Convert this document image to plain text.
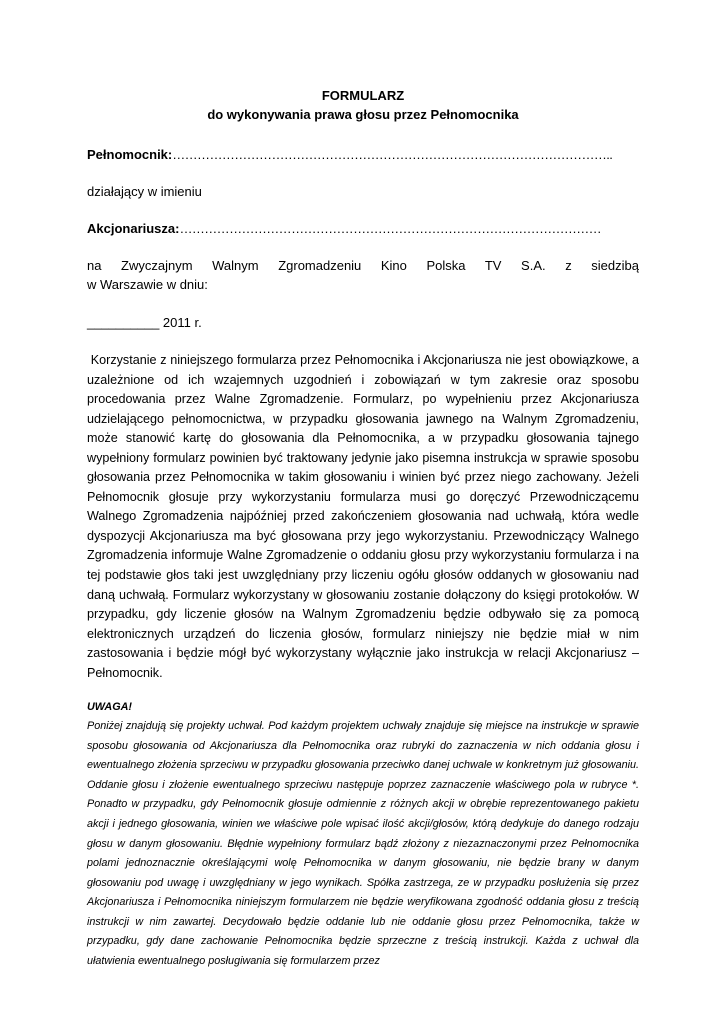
FORMULARZ
do wykonywania prawa głosu przez Pełnomocnika
Pełnomocnik:……………………………………………………………………………………………..
działający w imieniu
Akcjonariusza:…………………………………………………………………………………………
na Zwyczajnym Walnym Zgromadzeniu Kino Polska TV S.A. z siedzibą
w Warszawie w dniu:
__________ 2011 r.
Korzystanie z niniejszego formularza przez Pełnomocnika i Akcjonariusza nie jest obowiązkowe, a uzależnione od ich wzajemnych uzgodnień i zobowiązań w tym zakresie oraz sposobu procedowania przez Walne Zgromadzenie. Formularz, po wypełnieniu przez Akcjonariusza udzielającego pełnomocnictwa, w przypadku głosowania jawnego na Walnym Zgromadzeniu, może stanowić kartę do głosowania dla Pełnomocnika, a w przypadku głosowania tajnego wypełniony formularz powinien być traktowany jedynie jako pisemna instrukcja w sprawie sposobu głosowania przez Pełnomocnika w takim głosowaniu i winien być przez niego zachowany. Jeżeli Pełnomocnik głosuje przy wykorzystaniu formularza musi go doręczyć Przewodniczącemu Walnego Zgromadzenia najpóźniej przed zakończeniem głosowania nad uchwałą, która wedle dyspozycji Akcjonariusza ma być głosowana przy jego wykorzystaniu. Przewodniczący Walnego Zgromadzenia informuje Walne Zgromadzenie o oddaniu głosu przy wykorzystaniu formularza i na tej podstawie głos taki jest uwzględniany przy liczeniu ogółu głosów oddanych w głosowaniu nad daną uchwałą. Formularz wykorzystany w głosowaniu zostanie dołączony do księgi protokołów. W przypadku, gdy liczenie głosów na Walnym Zgromadzeniu będzie odbywało się za pomocą elektronicznych urządzeń do liczenia głosów, formularz niniejszy nie będzie miał w nim zastosowania i będzie mógł być wykorzystany wyłącznie jako instrukcja w relacji Akcjonariusz – Pełnomocnik.
UWAGA!
Poniżej znajdują się projekty uchwał. Pod każdym projektem uchwały znajduje się miejsce na instrukcje w sprawie sposobu głosowania od Akcjonariusza dla Pełnomocnika oraz rubryki do zaznaczenia w nich oddania głosu i ewentualnego złożenia sprzeciwu w przypadku głosowania przeciwko danej uchwale w konkretnym już głosowaniu. Oddanie głosu i złożenie ewentualnego sprzeciwu następuje poprzez zaznaczenie właściwego pola w rubryce *. Ponadto w przypadku, gdy Pełnomocnik głosuje odmiennie z różnych akcji w obrębie reprezentowanego pakietu akcji i jednego głosowania, winien we właściwe pole wpisać ilość akcji/głosów, którą dedykuje do danego rodzaju głosu w danym głosowaniu. Błędnie wypełniony formularz bądź złożony z niezaznaczonymi przez Pełnomocnika polami jednoznacznie określającymi wolę Pełnomocnika w danym głosowaniu, nie będzie brany w danym głosowaniu pod uwagę i uwzględniany w jego wynikach. Spółka zastrzega, ze w przypadku posłużenia się przez Akcjonariusza i Pełnomocnika niniejszym formularzem nie będzie weryfikowana zgodność oddania głosu z treścią instrukcji w nim zawartej. Decydowało będzie oddanie lub nie oddanie głosu przez Pełnomocnika, także w przypadku, gdy dane zachowanie Pełnomocnika będzie sprzeczne z treścią instrukcji. Każda z uchwał dla ułatwienia ewentualnego posługiwania się formularzem przez
